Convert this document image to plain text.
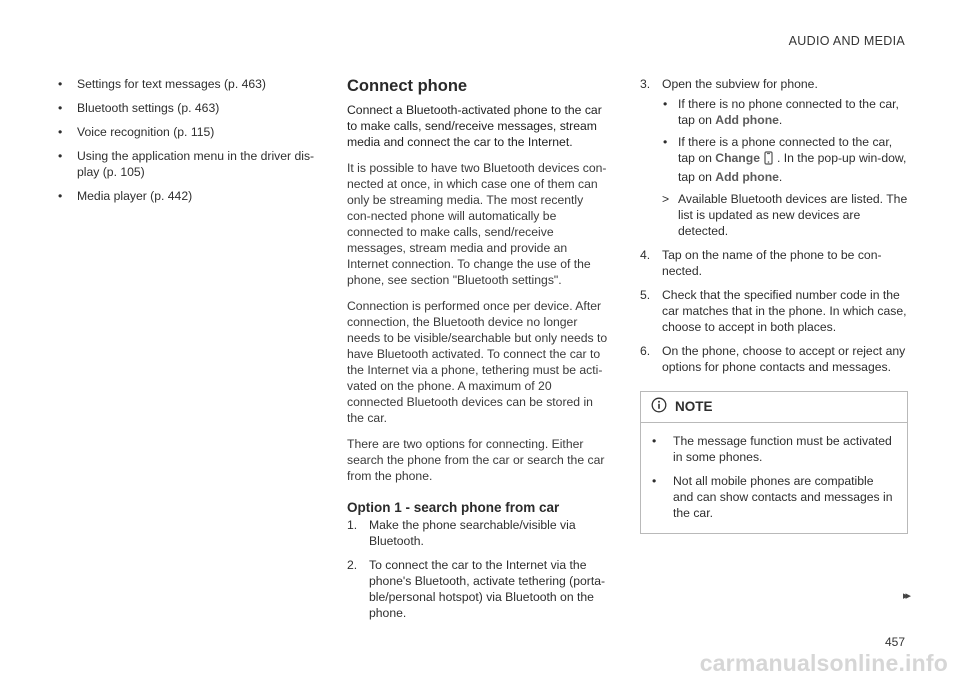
AUDIO AND MEDIA
• Settings for text messages (p. 463)
• Bluetooth settings (p. 463)
• Voice recognition (p. 115)
• Using the application menu in the driver dis-play (p. 105)
• Media player (p. 442)
Connect phone

Connect a Bluetooth-activated phone to the car to make calls, send/receive messages, stream media and connect the car to the Internet.

It is possible to have two Bluetooth devices con-nected at once, in which case one of them can only be streaming media. The most recently con-nected phone will automatically be connected to make calls, send/receive messages, stream media and provide an Internet connection. To change the use of the phone, see section "Bluetooth settings".

Connection is performed once per device. After connection, the Bluetooth device no longer needs to be visible/searchable but only needs to have Bluetooth activated. To connect the car to the Internet via a phone, tethering must be acti-vated on the phone. A maximum of 20 connected Bluetooth devices can be stored in the car.

There are two options for connecting. Either search the phone from the car or search the car from the phone.

Option 1 - search phone from car
1. Make the phone searchable/visible via Bluetooth.
2. To connect the car to the Internet via the phone's Bluetooth, activate tethering (porta-ble/personal hotspot) via Bluetooth on the phone.
3. Open the subview for phone.
• If there is no phone connected to the car, tap on Add phone.
• If there is a phone connected to the car, tap on Change . In the pop-up win-dow, tap on Add phone.
> Available Bluetooth devices are listed. The list is updated as new devices are detected.
4. Tap on the name of the phone to be con-nected.
5. Check that the specified number code in the car matches that in the phone. In which case, choose to accept in both places.
6. On the phone, choose to accept or reject any options for phone contacts and messages.
NOTE
• The message function must be activated in some phones.
• Not all mobile phones are compatible and can show contacts and messages in the car.
▸▸
457
carmanualsonline.info
